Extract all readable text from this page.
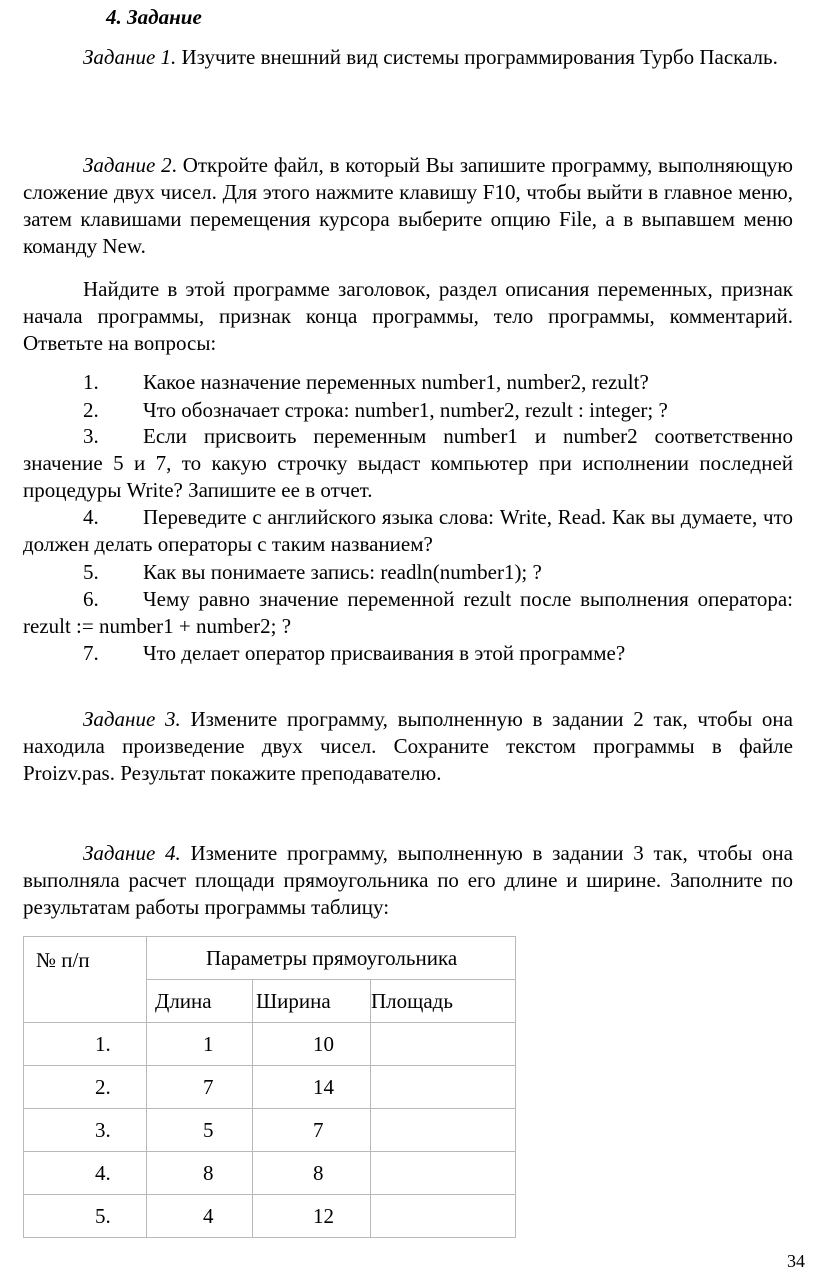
4. Задание
Задание 1. Изучите внешний вид системы программирования Турбо Паскаль.
Задание 2. Откройте файл, в который Вы запишите программу, выполняющую сложение двух чисел. Для этого нажмите клавишу F10, чтобы выйти в главное меню, затем клавишами перемещения курсора выберите опцию File, а в выпавшем меню команду New.
Найдите в этой программе заголовок, раздел описания переменных, признак начала программы, признак конца программы, тело программы, комментарий. Ответьте на вопросы:
1. Какое назначение переменных number1, number2, rezult?
2. Что обозначает строка: number1, number2, rezult : integer; ?
3. Если присвоить переменным number1 и number2 соответственно значение 5 и 7, то какую строчку выдаст компьютер при исполнении последней процедуры Write? Запишите ее в отчет.
4. Переведите с английского языка слова: Write, Read. Как вы думаете, что должен делать операторы с таким названием?
5. Как вы понимаете запись: readln(number1); ?
6. Чему равно значение переменной rezult после выполнения оператора: rezult := number1 + number2; ?
7. Что делает оператор присваивания в этой программе?
Задание 3. Измените программу, выполненную в задании 2 так, чтобы она находила произведение двух чисел. Сохраните текстом программы в файле Proizv.pas. Результат покажите преподавателю.
Задание 4. Измените программу, выполненную в задании 3 так, чтобы она выполняла расчет площади прямоугольника по его длине и ширине. Заполните по результатам работы программы таблицу:
№ п/п	Параметры прямоугольника		
	Длина	Ширина	Площадь
1.	1	10	
2.	7	14	
3.	5	7	
4.	8	8	
5.	4	12	
34
